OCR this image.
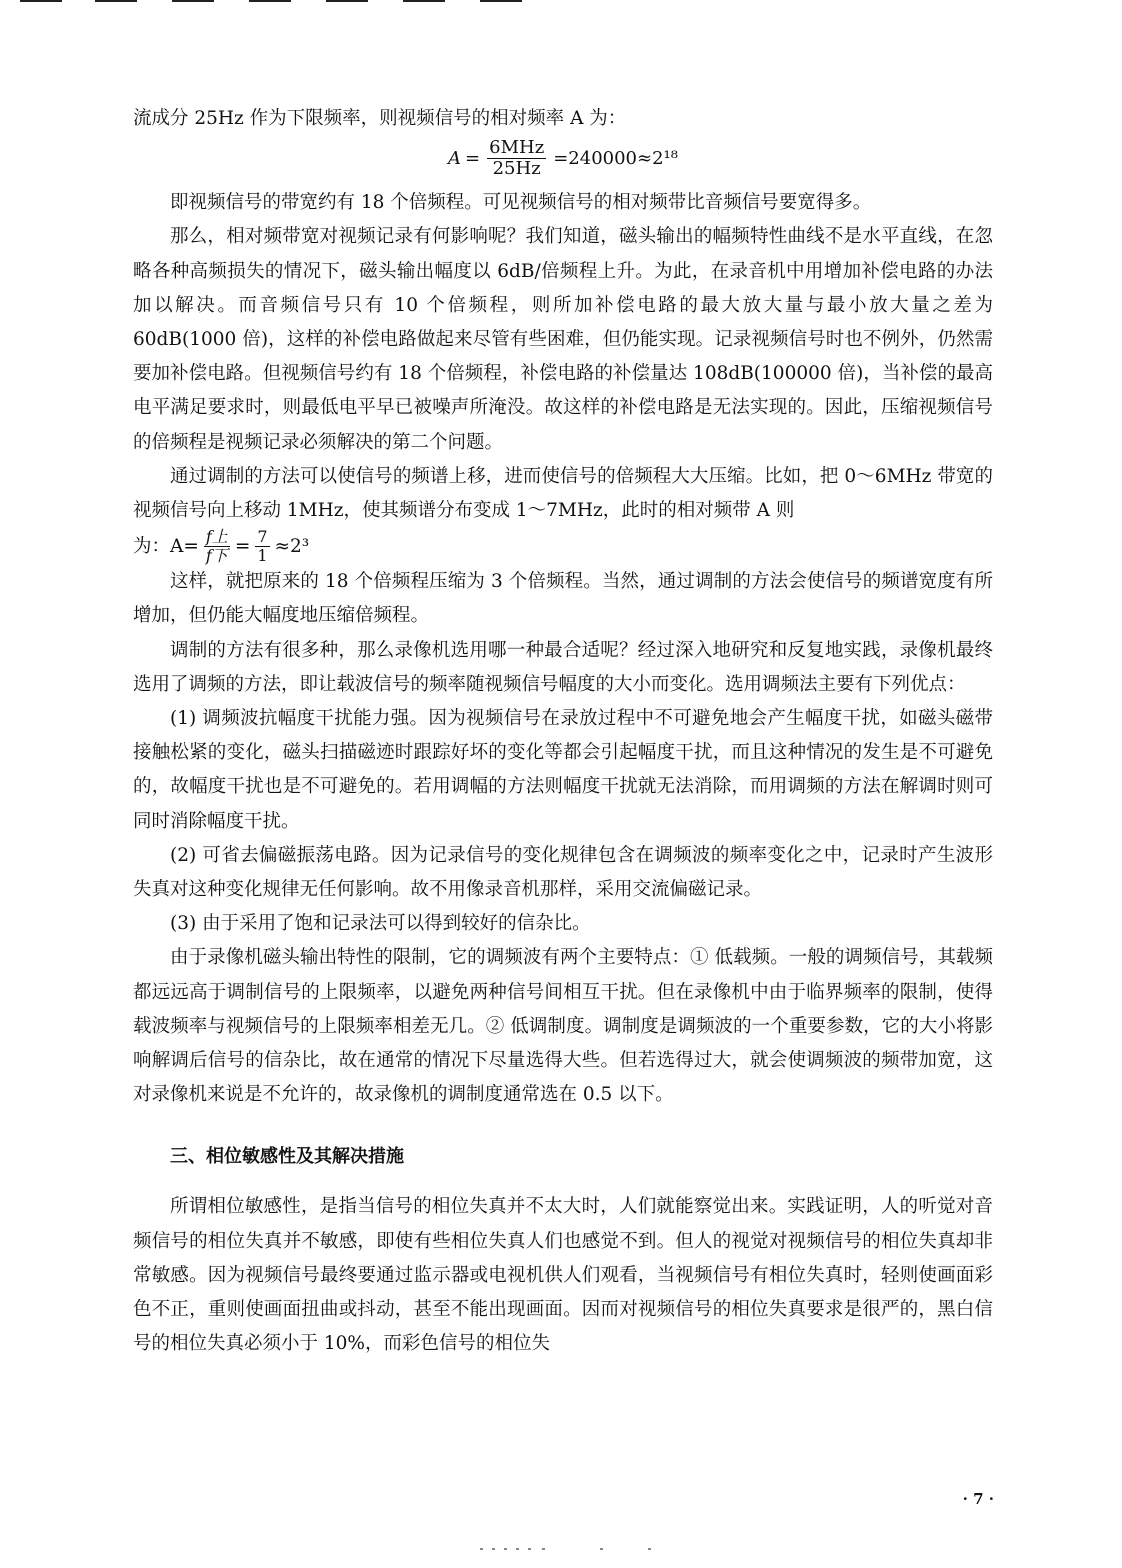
流成分 25Hz 作为下限频率，则视频信号的相对频率 A 为：

$A = \frac{\text{6MHz}}{25Hz} =240000\approx 2^{18}$

即视频信号的带宽约有 18 个倍频程。可见视频信号的相对频带比音频信号要宽得多。

那么，相对频带宽对视频记录有何影响呢？我们知道，磁头输出的幅频特性曲线不是水平直线，在忽略各种高频损失的情况下，磁头输出幅度以 6dB/倍频程上升。为此，在录音机中用增加补偿电路的办法加以解决。而音频信号只有 10 个倍频程，则所加补偿电路的最大放大量与最小放大量之差为 60dB(1000 倍)，这样的补偿电路做起来尽管有些困难，但仍能实现。记录视频信号时也不例外，仍然需要加补偿电路。但视频信号约有 18 个倍频程，补偿电路的补偿量达 108dB(100000 倍)，当补偿的最高电平满足要求时，则最低电平早已被噪声所淹没。故这样的补偿电路是无法实现的。因此，压缩视频信号的倍频程是视频记录必须解决的第二个问题。

通过调制的方法可以使信号的频谱上移，进而使信号的倍频程大大压缩。比如，把 0～6MHz 带宽的视频信号向上移动 1MHz，使其频谱分布变成 1～7MHz，此时的相对频带 A 则

为：$A= \frac{\text{f上}}{\text{f下}} = \frac{7}{1} \approx 2^3$

这样，就把原来的 18 个倍频程压缩为 3 个倍频程。当然，通过调制的方法会使信号的频谱宽度有所增加，但仍能大幅度地压缩倍频程。

调制的方法有很多种，那么录像机选用哪一种最合适呢？经过深入地研究和反复地实践，录像机最终选用了调频的方法，即让载波信号的频率随视频信号幅度的大小而变化。选用调频法主要有下列优点：

(1) 调频波抗幅度干扰能力强。因为视频信号在录放过程中不可避免地会产生幅度干扰，如磁头磁带接触松紧的变化，磁头扫描磁迹时跟踪好坏的变化等都会引起幅度干扰，而且这种情况的发生是不可避免的，故幅度干扰也是不可避免的。若用调幅的方法则幅度干扰就无法消除，而用调频的方法在解调时则可同时消除幅度干扰。

(2) 可省去偏磁振荡电路。因为记录信号的变化规律包含在调频波的频率变化之中，记录时产生波形失真对这种变化规律无任何影响。故不用像录音机那样，采用交流偏磁记录。

(3) 由于采用了饱和记录法可以得到较好的信杂比。

由于录像机磁头输出特性的限制，它的调频波有两个主要特点：① 低载频。一般的调频信号，其载频都远远高于调制信号的上限频率，以避免两种信号间相互干扰。但在录像机中由于临界频率的限制，使得载波频率与视频信号的上限频率相差无几。② 低调制度。调制度是调频波的一个重要参数，它的大小将影响解调后信号的信杂比，故在通常的情况下尽量选得大些。但若选得过大，就会使调频波的频带加宽，这对录像机来说是不允许的，故录像机的调制度通常选在 0.5 以下。

三、相位敏感性及其解决措施

所谓相位敏感性，是指当信号的相位失真并不太大时，人们就能察觉出来。实践证明，人的听觉对音频信号的相位失真并不敏感，即使有些相位失真人们也感觉不到。但人的视觉对视频信号的相位失真却非常敏感。因为视频信号最终要通过监示器或电视机供人们观看，当视频信号有相位失真时，轻则使画面彩色不正，重则使画面扭曲或抖动，甚至不能出现画面。因而对视频信号的相位失真要求是很严的，黑白信号的相位失真必须小于 10%，而彩色信号的相位失

· 7 ·
